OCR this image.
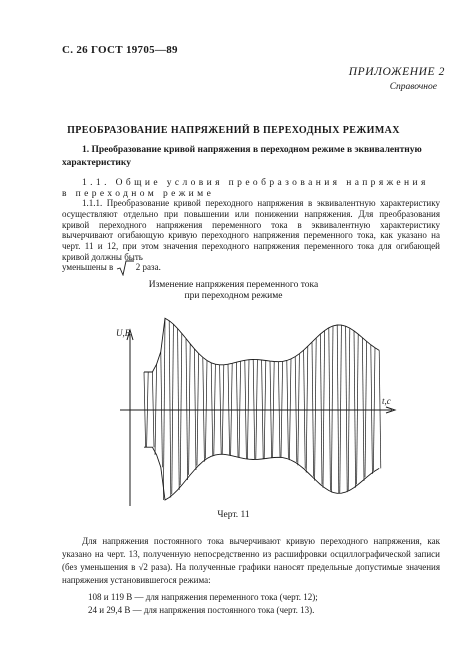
С. 26 ГОСТ 19705—89
ПРИЛОЖЕНИЕ 2
Справочное
ПРЕОБРАЗОВАНИЕ НАПРЯЖЕНИЙ В ПЕРЕХОДНЫХ РЕЖИМАХ
1. Преобразование кривой напряжения в переходном режиме в эквивалентную характеристику
1.1. Общие условия преобразования напряжения в переходном режиме
1.1.1. Преобразование кривой переходного напряжения в эквивалентную характеристику осуществляют отдельно при повышении или понижении напряжения. Для преобразования кривой переходного напряжения переменного тока в эквивалентную характеристику вычерчивают огибающую кривую переходного напряжения переменного тока, как указано на черт. 11 и 12, при этом значения переходного напряжения переменного тока для огибающей кривой должны быть
уменьшены в	2 раза.
Изменение напряжения переменного тока
при переходном режиме
U,В
t,с
Черт. 11
Для напряжения постоянного тока вычерчивают кривую переходного напряжения, как указано на черт. 13, полученную непосредственно из расшифровки осциллографической записи (без уменьшения в √2 раза). На полученные графики наносят предельные допустимые значения напряжения установившегося режима:
108 и 119 В — для напряжения переменного тока (черт. 12);
24 и 29,4 В — для напряжения постоянного тока (черт. 13).
